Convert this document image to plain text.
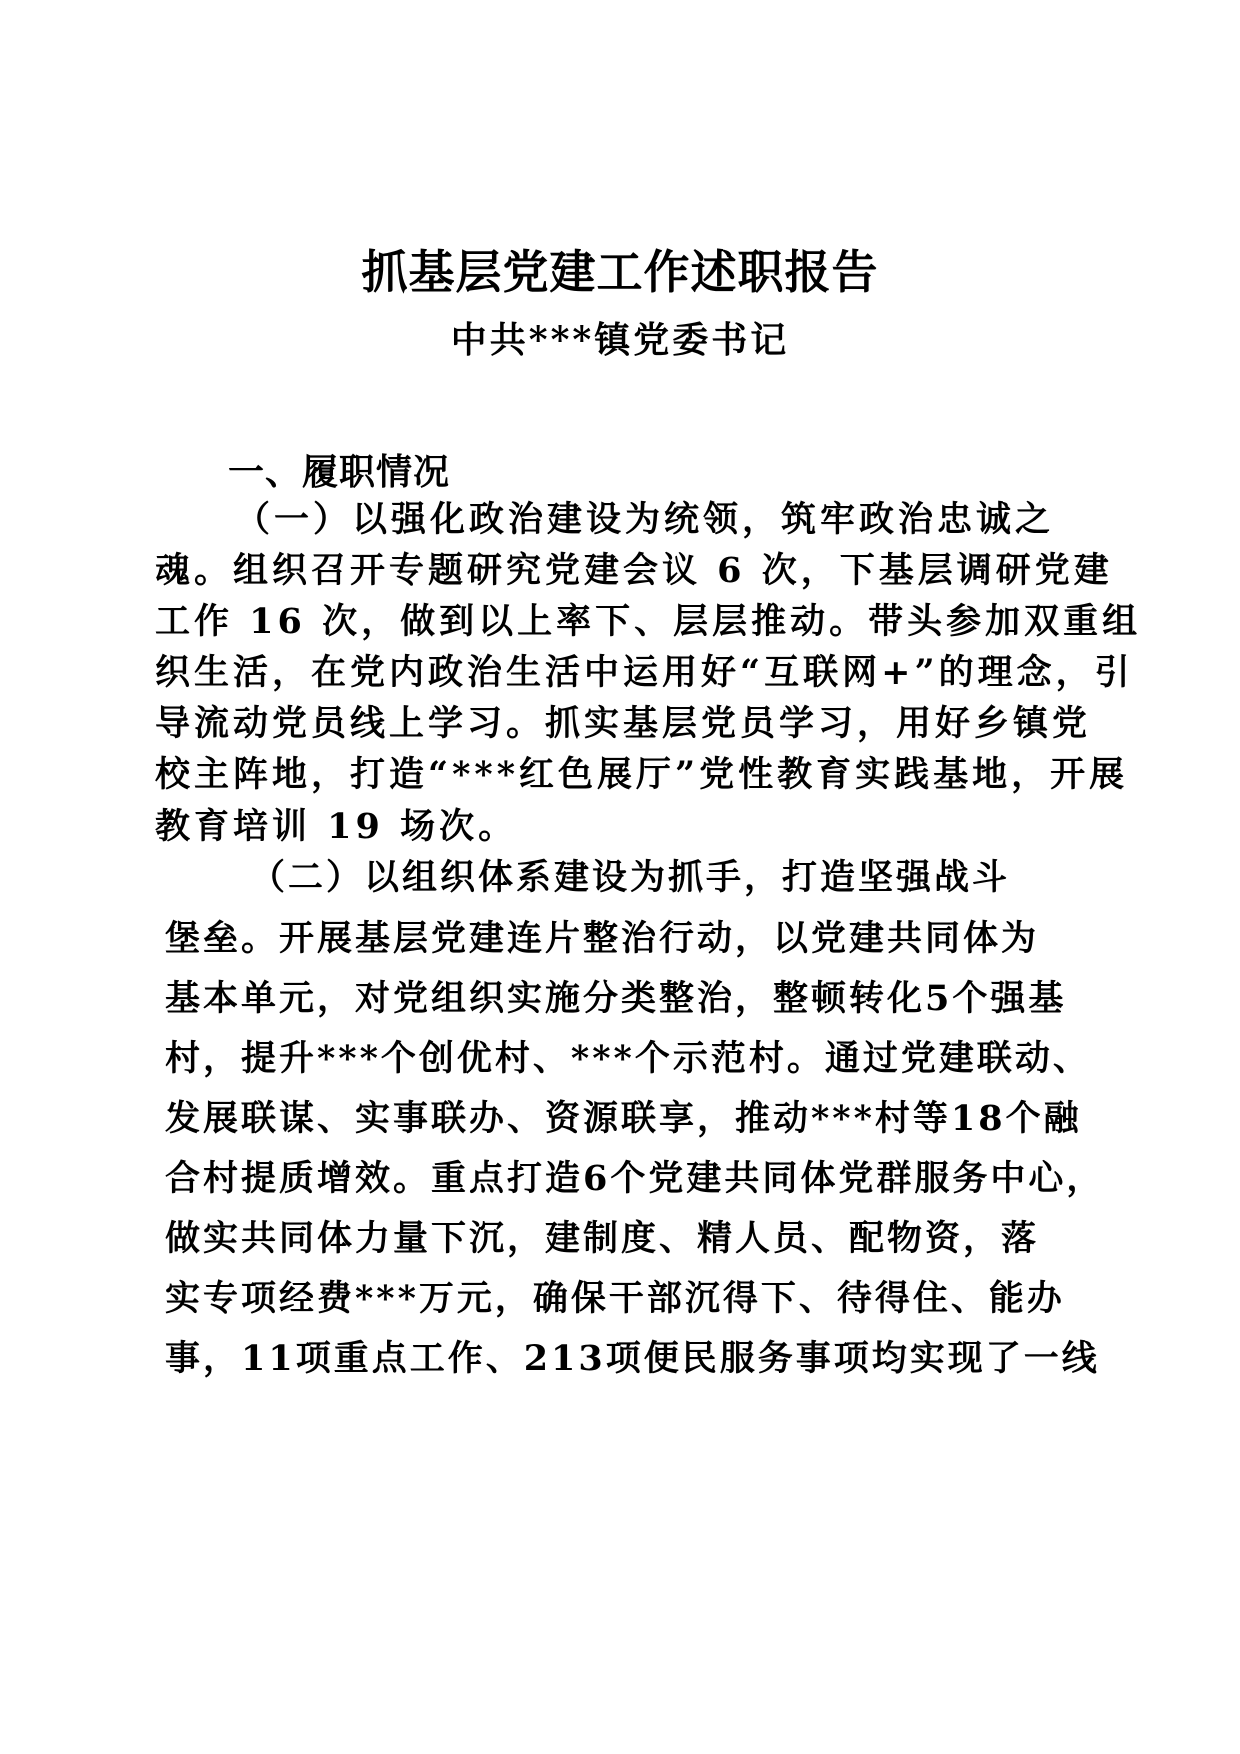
抓基层党建工作述职报告
中共***镇党委书记
一、履职情况
（一）以强化政治建设为统领，筑牢政治忠诚之
魂。组织召开专题研究党建会议 6 次，下基层调研党建
工作 16 次，做到以上率下、层层推动。带头参加双重组
织生活，在党内政治生活中运用好“互联网+”的理念，引
导流动党员线上学习。抓实基层党员学习，用好乡镇党
校主阵地，打造“***红色展厅”党性教育实践基地，开展
教育培训 19 场次。
（二）以组织体系建设为抓手，打造坚强战斗
堡垒。开展基层党建连片整治行动，以党建共同体为
基本单元，对党组织实施分类整治，整顿转化5个强基
村，提升***个创优村、***个示范村。通过党建联动、
发展联谋、实事联办、资源联享，推动***村等18个融
合村提质增效。重点打造6个党建共同体党群服务中心，
做实共同体力量下沉，建制度、精人员、配物资，落
实专项经费***万元，确保干部沉得下、待得住、能办
事，11项重点工作、213项便民服务事项均实现了一线
